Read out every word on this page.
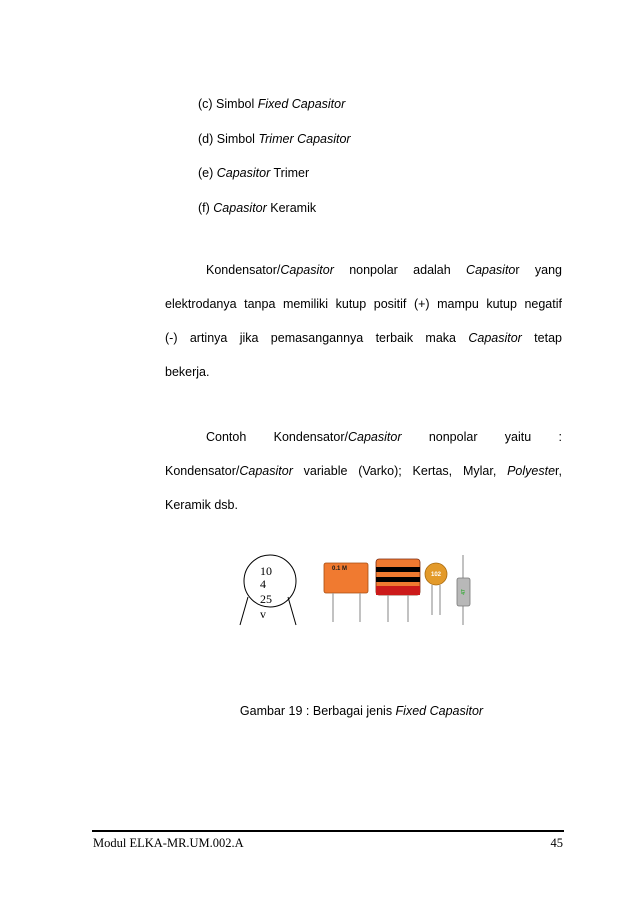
(c) Simbol Fixed Capasitor
(d) Simbol Trimer Capasitor
(e) Capasitor Trimer
(f) Capasitor Keramik

Kondensator/Capasitor nonpolar adalah Capasitor yang

elektrodanya tanpa memiliki kutup positif (+) mampu kutup negatif

(-) artinya jika pemasangannya terbaik maka Capasitor tetap

bekerja.

Contoh Kondensator/Capasitor nonpolar yaitu :

Kondensator/Capasitor variable (Varko); Kertas, Mylar, Polyester,

Keramik dsb.

10
4
25
v
0.1 M
102
47
Gambar 19 : Berbagai jenis Fixed Capasitor
Modul ELKA-MR.UM.002.A	45
